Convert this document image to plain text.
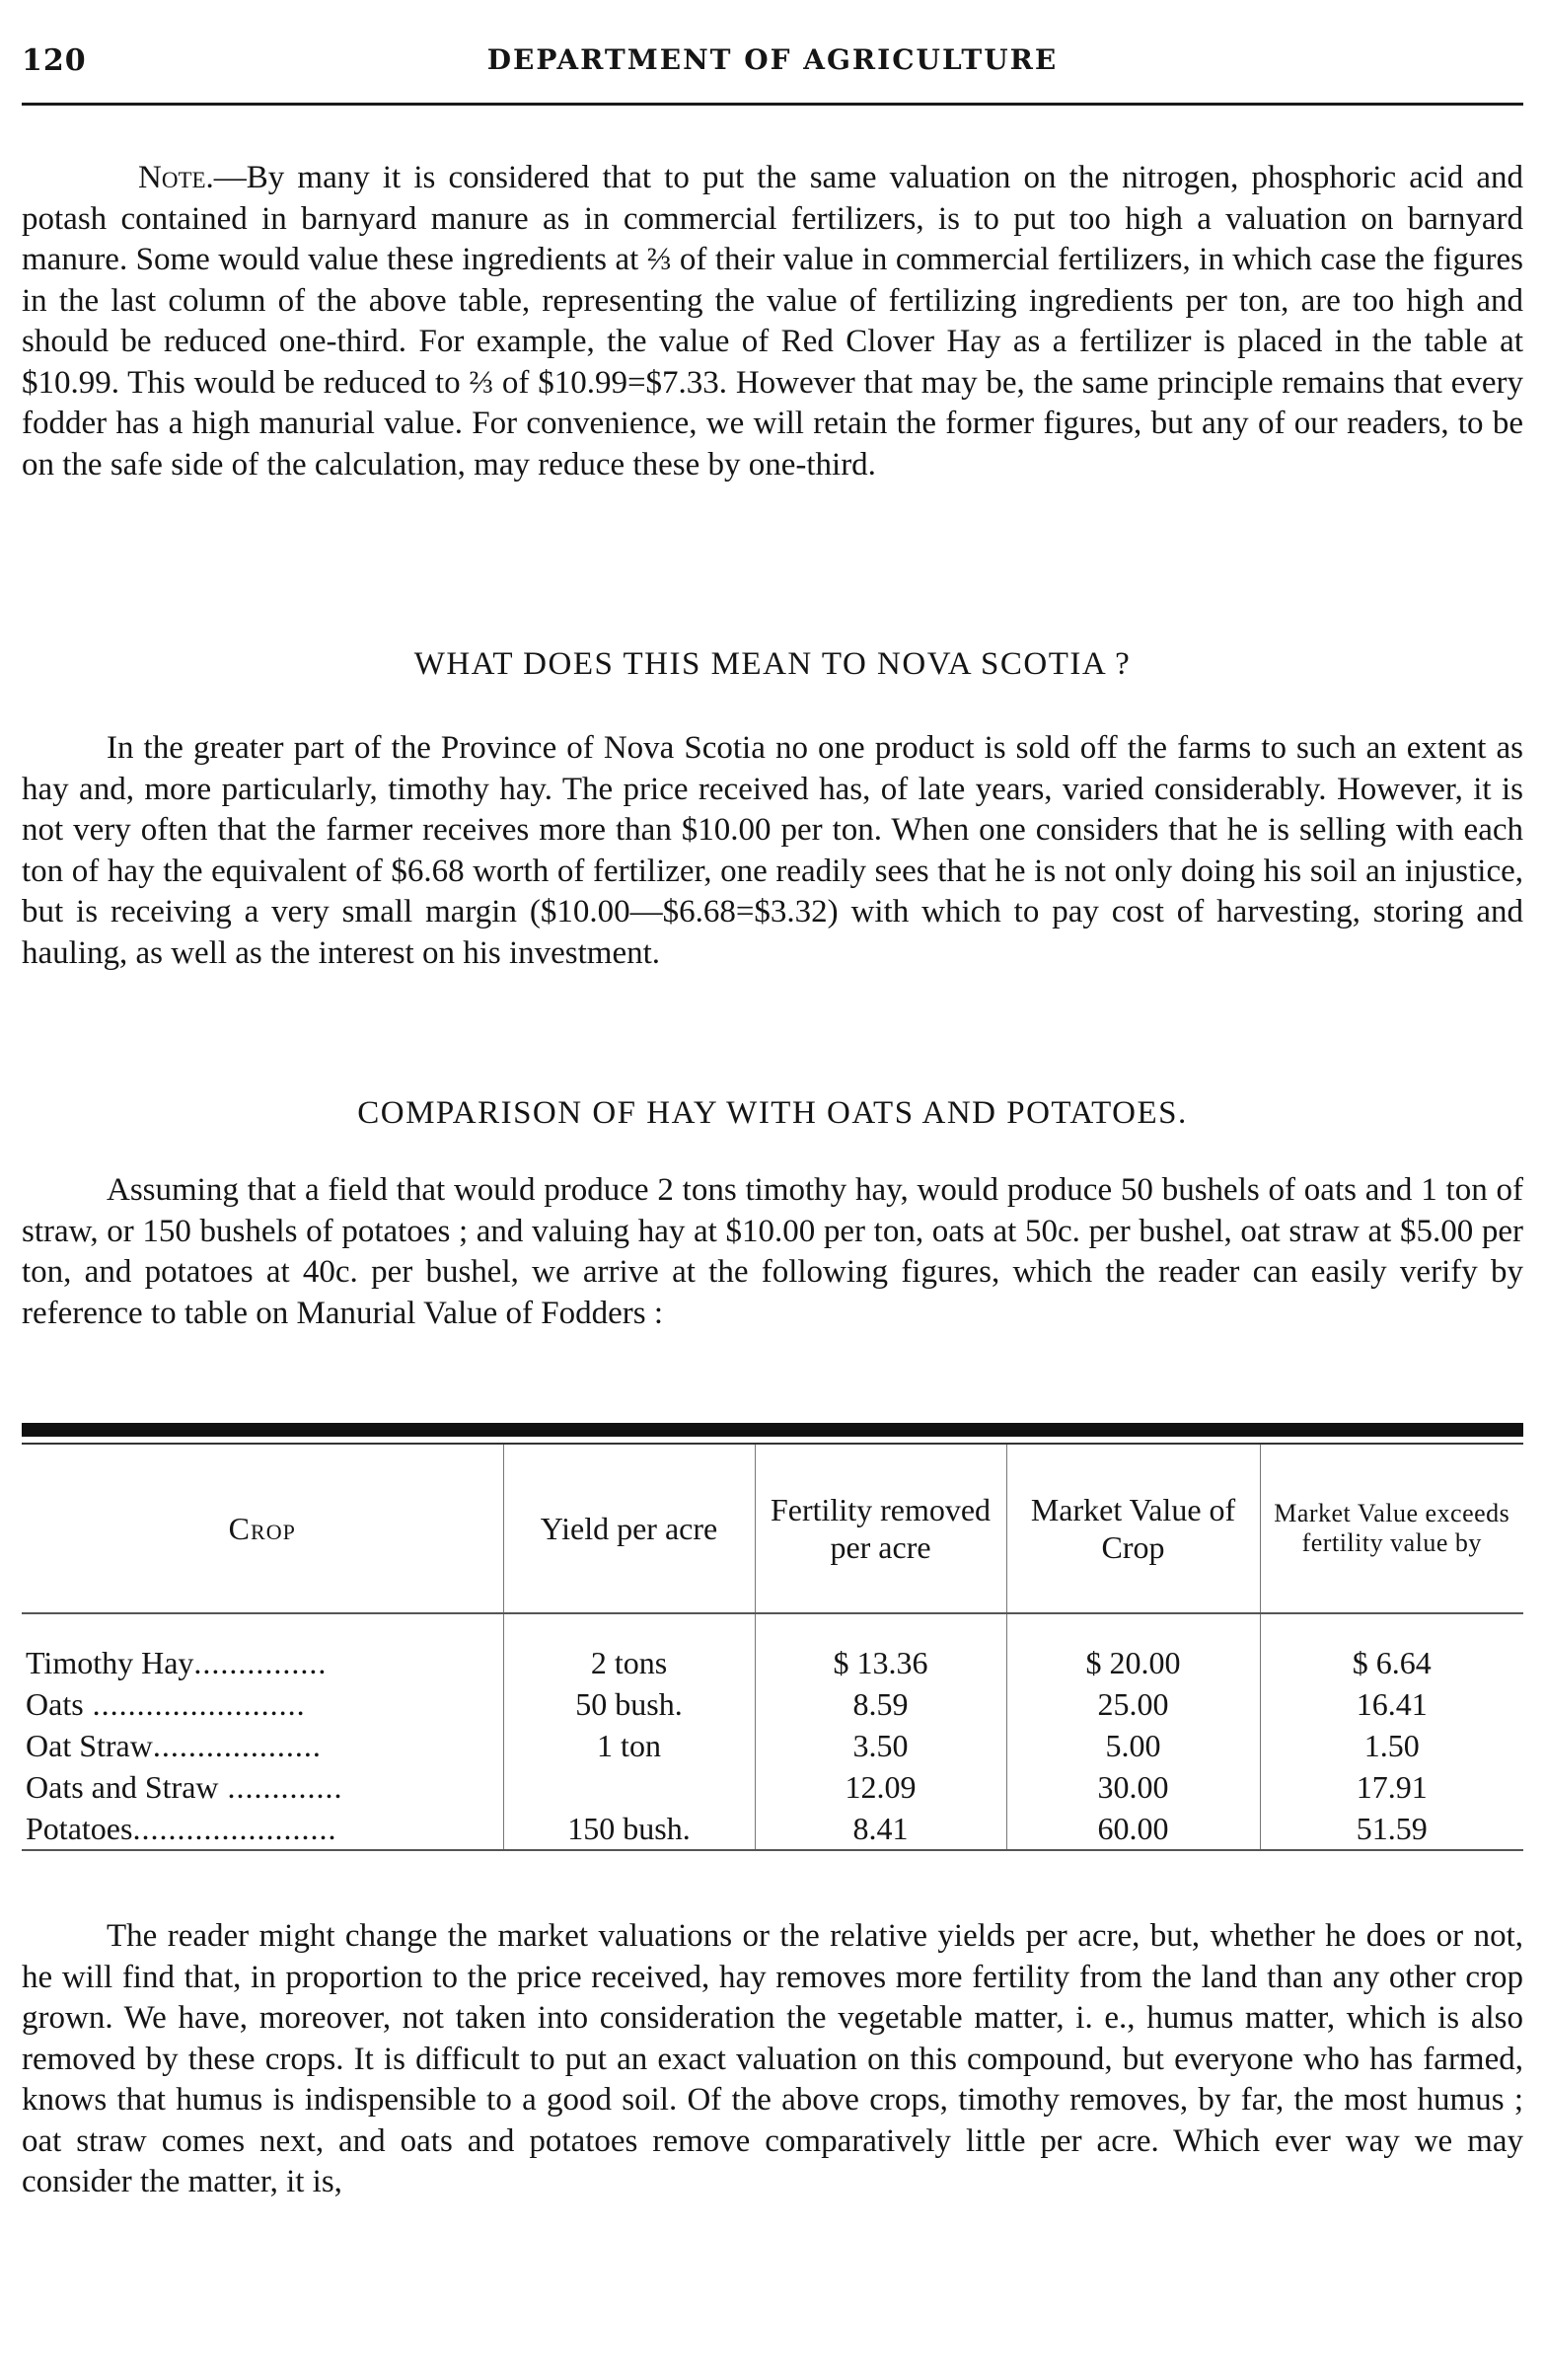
120	DEPARTMENT OF AGRICULTURE

Note.—By many it is considered that to put the same valuation on the nitrogen, phosphoric acid and potash contained in barnyard manure as in commercial fertilizers, is to put too high a valuation on barnyard manure. Some would value these ingredients at ⅔ of their value in commercial fertilizers, in which case the figures in the last column of the above table, representing the value of fertilizing ingredients per ton, are too high and should be reduced one-third. For example, the value of Red Clover Hay as a fertilizer is placed in the table at $10.99. This would be reduced to ⅔ of $10.99=$7.33. However that may be, the same principle remains that every fodder has a high manurial value. For convenience, we will retain the former figures, but any of our readers, to be on the safe side of the calculation, may reduce these by one-third.

WHAT DOES THIS MEAN TO NOVA SCOTIA ?

In the greater part of the Province of Nova Scotia no one product is sold off the farms to such an extent as hay and, more particularly, timothy hay. The price received has, of late years, varied considerably. However, it is not very often that the farmer receives more than $10.00 per ton. When one considers that he is selling with each ton of hay the equivalent of $6.68 worth of fertilizer, one readily sees that he is not only doing his soil an injustice, but is receiving a very small margin ($10.00—$6.68=$3.32) with which to pay cost of harvesting, storing and hauling, as well as the interest on his investment.

COMPARISON OF HAY WITH OATS AND POTATOES.

Assuming that a field that would produce 2 tons timothy hay, would produce 50 bushels of oats and 1 ton of straw, or 150 bushels of potatoes ; and valuing hay at $10.00 per ton, oats at 50c. per bushel, oat straw at $5.00 per ton, and potatoes at 40c. per bushel, we arrive at the following figures, which the reader can easily verify by reference to table on Manurial Value of Fodders :

Crop	Yield per acre	Fertility removed per acre	Market Value of Crop	Market Value exceeds fertility value by
Timothy Hay...............	2 tons	$ 13.36	$ 20.00	$ 6.64
Oats ........................	50 bush.	8.59	25.00	16.41
Oat Straw...................	1 ton	3.50	5.00	1.50
Oats and Straw .............		12.09	30.00	17.91
Potatoes.......................	150 bush.	8.41	60.00	51.59

The reader might change the market valuations or the relative yields per acre, but, whether he does or not, he will find that, in proportion to the price received, hay removes more fertility from the land than any other crop grown. We have, moreover, not taken into consideration the vegetable matter, i. e., humus matter, which is also removed by these crops. It is difficult to put an exact valuation on this compound, but everyone who has farmed, knows that humus is indispensible to a good soil. Of the above crops, timothy removes, by far, the most humus ; oat straw comes next, and oats and potatoes remove comparatively little per acre. Which ever way we may consider the matter, it is,
